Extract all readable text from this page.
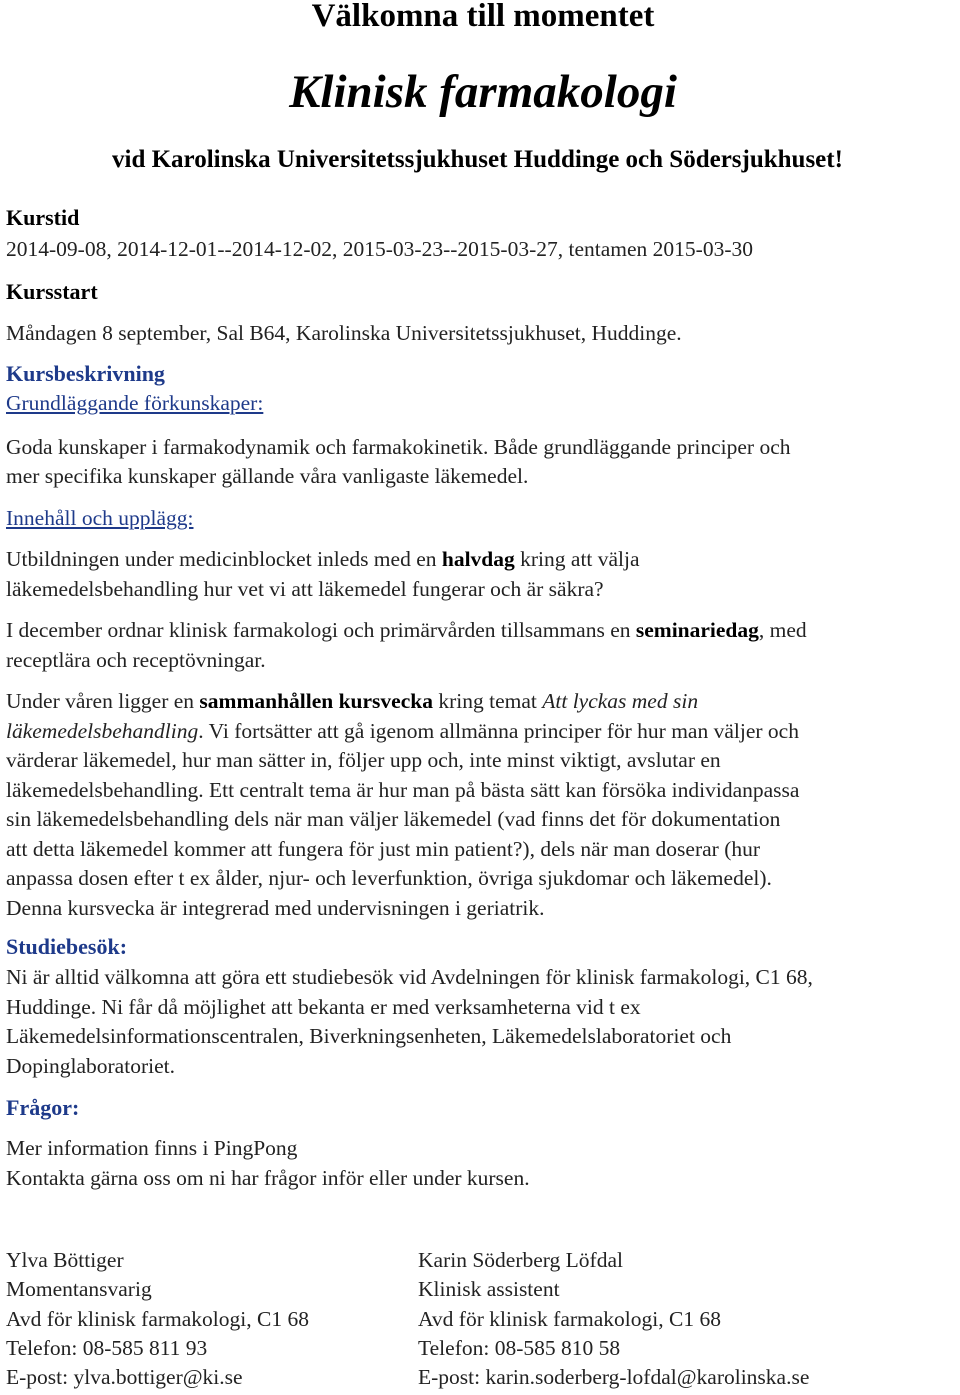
Välkomna till momentet
Klinisk farmakologi
vid Karolinska Universitetssjukhuset Huddinge och Södersjukhuset!
Kurstid
2014-09-08, 2014-12-01--2014-12-02, 2015-03-23--2015-03-27, tentamen 2015-03-30
Kursstart
Måndagen 8 september, Sal B64, Karolinska Universitetssjukhuset, Huddinge.
Kursbeskrivning
Grundläggande förkunskaper:
Goda kunskaper i farmakodynamik och farmakokinetik. Både grundläggande principer och
mer specifika kunskaper gällande våra vanligaste läkemedel.
Innehåll och upplägg:

Utbildningen under medicinblocket inleds med en halvdag kring att välja

läkemedelsbehandling hur vet vi att läkemedel fungerar och är säkra?

I december ordnar klinisk farmakologi och primärvården tillsammans en seminariedag, med

receptlära och receptövningar.

Under våren ligger en sammanhållen kursvecka kring temat Att lyckas med sin

läkemedelsbehandling. Vi fortsätter att gå igenom allmänna principer för hur man väljer och

värderar läkemedel, hur man sätter in, följer upp och, inte minst viktigt, avslutar en

läkemedelsbehandling. Ett centralt tema är hur man på bästa sätt kan försöka individanpassa

sin läkemedelsbehandling dels när man väljer läkemedel (vad finns det för dokumentation

att detta läkemedel kommer att fungera för just min patient?), dels när man doserar (hur

anpassa dosen efter t ex ålder, njur- och leverfunktion, övriga sjukdomar och läkemedel).

Denna kursvecka är integrerad med undervisningen i geriatrik.

Studiebesök:

Ni är alltid välkomna att göra ett studiebesök vid Avdelningen för klinisk farmakologi, C1 68,

Huddinge. Ni får då möjlighet att bekanta er med verksamheterna vid t ex

Läkemedelsinformationscentralen, Biverkningsenheten, Läkemedelslaboratoriet och

Dopinglaboratoriet.

Frågor:

Mer information finns i PingPong

Kontakta gärna oss om ni har frågor inför eller under kursen.

Ylva Böttiger
Momentansvarig
Avd för klinisk farmakologi, C1 68
Telefon: 08-585 811 93
E-post: ylva.bottiger@ki.se
Karin Söderberg Löfdal
Klinisk assistent
Avd för klinisk farmakologi, C1 68
Telefon: 08-585 810 58
E-post: karin.soderberg-lofdal@karolinska.se
